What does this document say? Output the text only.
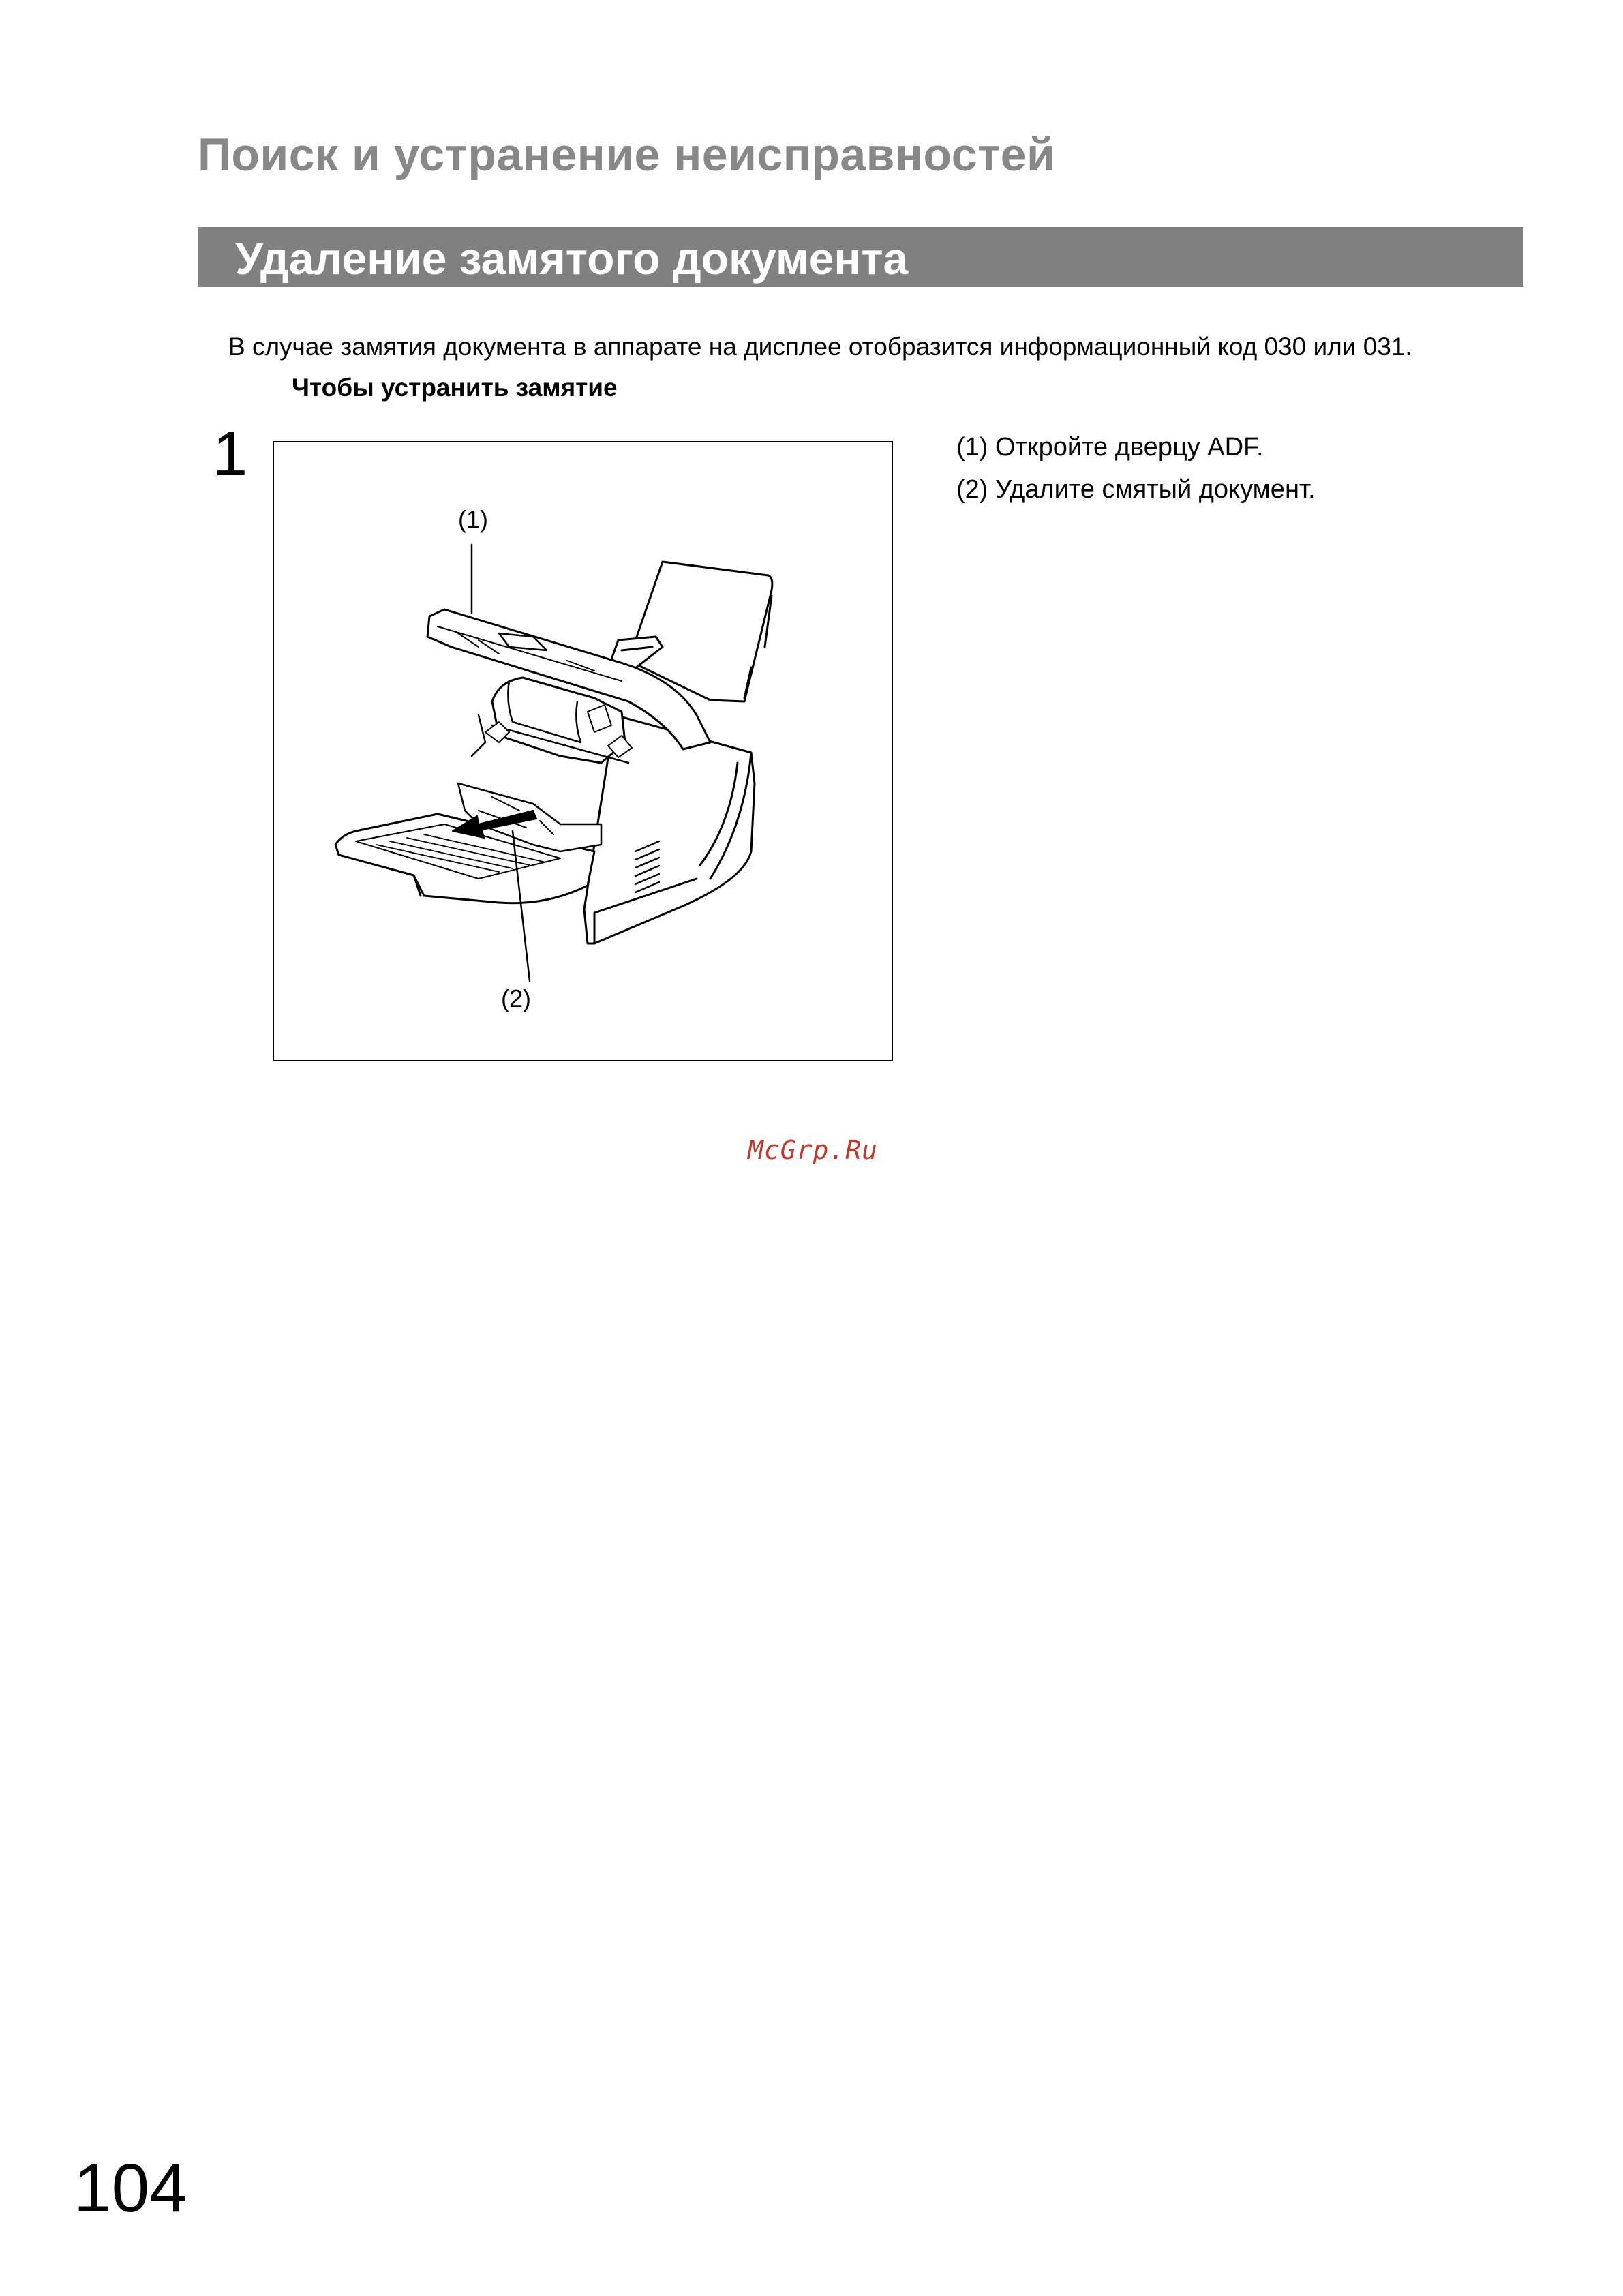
Поиск и устранение неисправностей
Удаление замятого документа
В случае замятия документа в аппарате на дисплее отобразится информационный код 030 или 031.
Чтобы устранить замятие
1
(1)
(2)
(1) Откройте дверцу ADF.
(2) Удалите смятый документ.
McGrp.Ru
104
